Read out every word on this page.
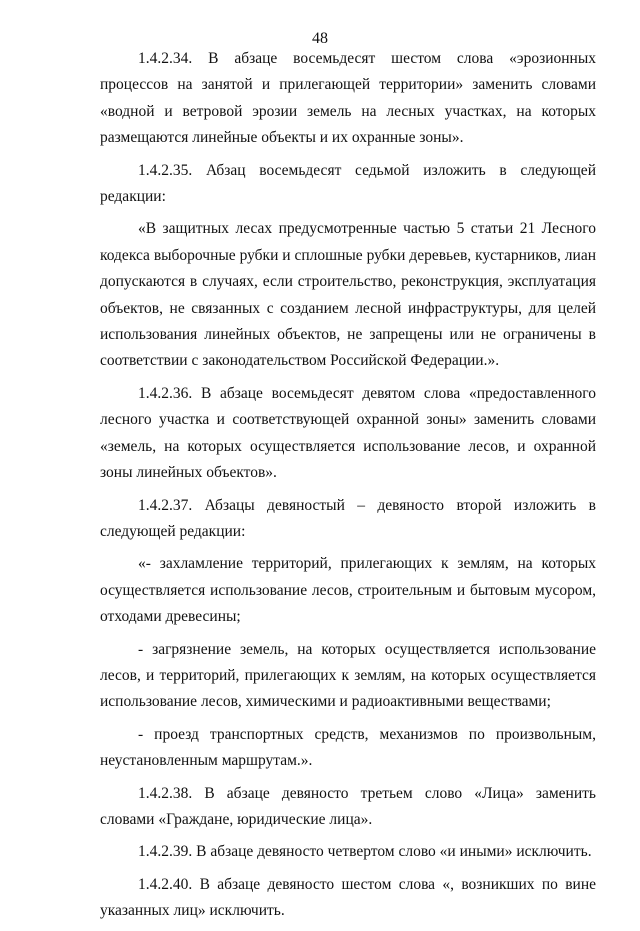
48

1.4.2.34. В абзаце восемьдесят шестом слова «эрозионных процессов на занятой и прилегающей территории» заменить словами «водной и ветровой эрозии земель на лесных участках, на которых размещаются линейные объекты и их охранные зоны».

1.4.2.35. Абзац восемьдесят седьмой изложить в следующей редакции:

«В защитных лесах предусмотренные частью 5 статьи 21 Лесного кодекса выборочные рубки и сплошные рубки деревьев, кустарников, лиан допускаются в случаях, если строительство, реконструкция, эксплуатация объектов, не связанных с созданием лесной инфраструктуры, для целей использования линейных объектов, не запрещены или не ограничены в соответствии с законодательством Российской Федерации.».

1.4.2.36. В абзаце восемьдесят девятом слова «предоставленного лесного участка и соответствующей охранной зоны» заменить словами «земель, на которых осуществляется использование лесов, и охранной зоны линейных объектов».

1.4.2.37. Абзацы девяностый – девяносто второй изложить в следующей редакции:

«- захламление территорий, прилегающих к землям, на которых осуществляется использование лесов, строительным и бытовым мусором, отходами древесины;

- загрязнение земель, на которых осуществляется использование лесов, и территорий, прилегающих к землям, на которых осуществляется использование лесов, химическими и радиоактивными веществами;

- проезд транспортных средств, механизмов по произвольным, неустановленным маршрутам.».

1.4.2.38. В абзаце девяносто третьем слово «Лица» заменить словами «Граждане, юридические лица».

1.4.2.39. В абзаце девяносто четвертом слово «и иными» исключить.

1.4.2.40. В абзаце девяносто шестом слова «, возникших по вине указанных лиц» исключить.
